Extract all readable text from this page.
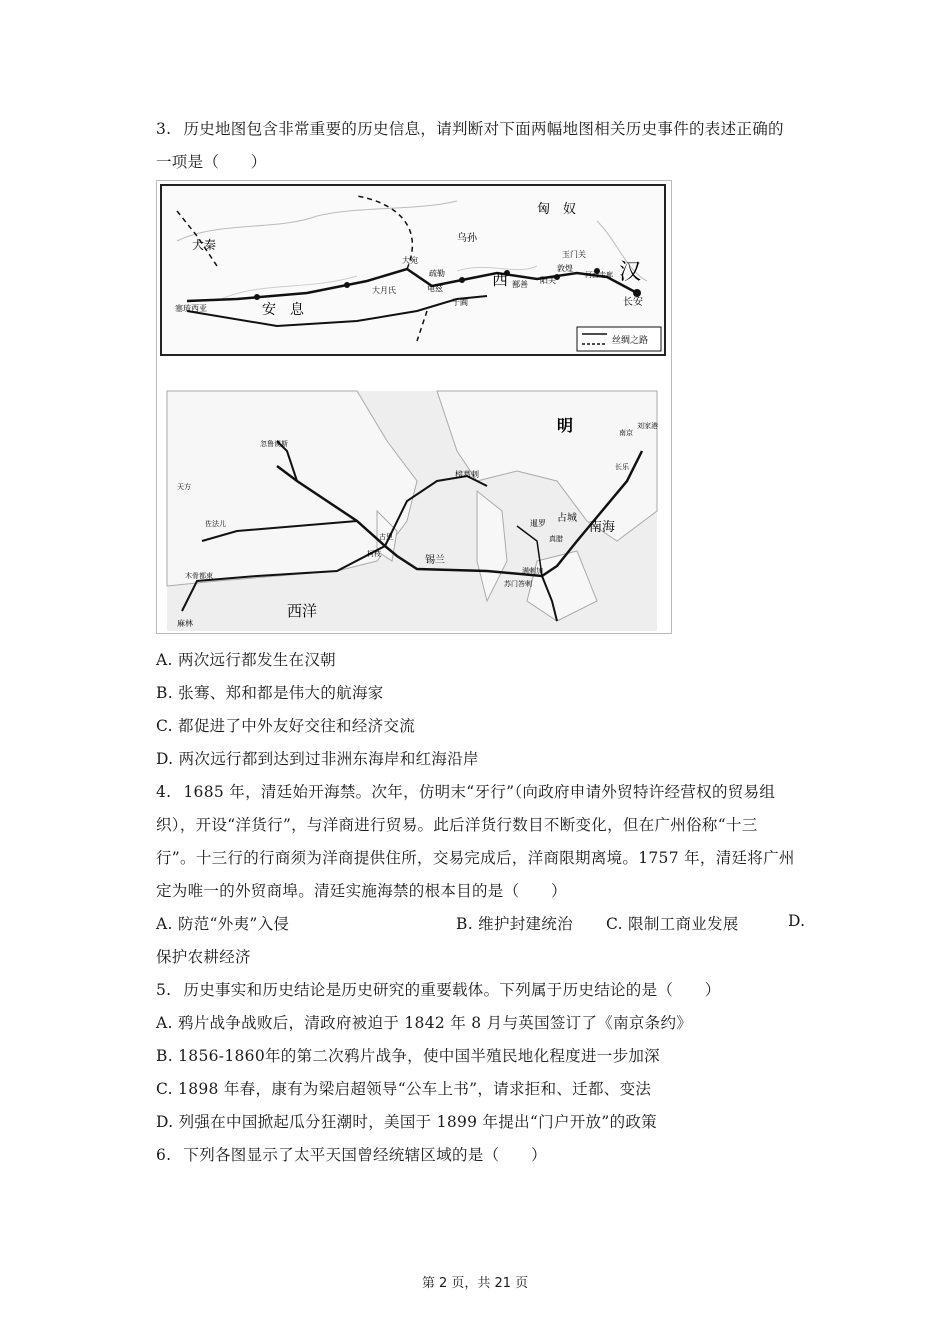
3. 历史地图包含非常重要的历史信息，请判断对下面两幅地图相关历史事件的表述正确的
一项是（　　）
匈　奴
汉
大秦
安　息
西
长安
敦煌
玉门关
阳关
大宛
疏勒
于阗
大月氏	龟兹	鄯善
乌孙
河西走廊
塞琉西亚
丝绸之路
明
南海
西洋
占城
古里
锡兰
榜葛剌
忽鲁谟斯
佐法儿
天方
木骨都束
麻林
南京
刘家港
长乐
暹罗
满剌加
苏门答剌
真腊
柯枝
A. 两次远行都发生在汉朝
B. 张骞、郑和都是伟大的航海家
C. 都促进了中外友好交往和经济交流
D. 两次远行都到达到过非洲东海岸和红海沿岸
4. 1685 年，清廷始开海禁。次年，仿明末“牙行”（向政府申请外贸特许经营权的贸易组
织），开设“洋货行”，与洋商进行贸易。此后洋货行数目不断变化，但在广州俗称“十三
行”。十三行的行商须为洋商提供住所，交易完成后，洋商限期离境。1757 年，清廷将广州
定为唯一的外贸商埠。清廷实施海禁的根本目的是（　　）
A. 防范“外夷”入侵	B. 维护封建统治 C. 限制工商业发展	D.
保护农耕经济
5. 历史事实和历史结论是历史研究的重要载体。下列属于历史结论的是（　　）
A. 鸦片战争战败后，清政府被迫于 1842 年 8 月与英国签订了《南京条约》
B. 1856-1860年的第二次鸦片战争，使中国半殖民地化程度进一步加深
C. 1898 年春，康有为梁启超领导“公车上书”，请求拒和、迁都、变法
D. 列强在中国掀起瓜分狂潮时，美国于 1899 年提出“门户开放”的政策
6. 下列各图显示了太平天国曾经统辖区域的是（　　）
第 2 页，共 21 页
